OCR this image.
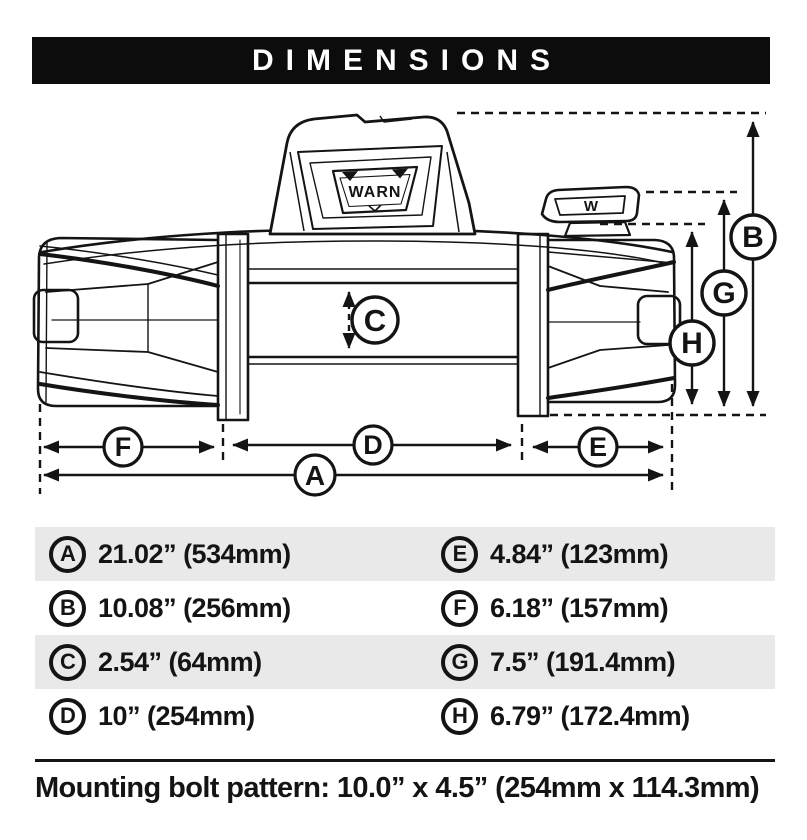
DIMENSIONS
W
WARN
B
G
H
C
F	D	E
A
A 21.02” (534mm)	E 4.84” (123mm)
B 10.08” (256mm)	F 6.18” (157mm)
C 2.54” (64mm)	G 7.5” (191.4mm)
D 10” (254mm)	H 6.79” (172.4mm)
Mounting bolt pattern: 10.0” x 4.5” (254mm x 114.3mm)
